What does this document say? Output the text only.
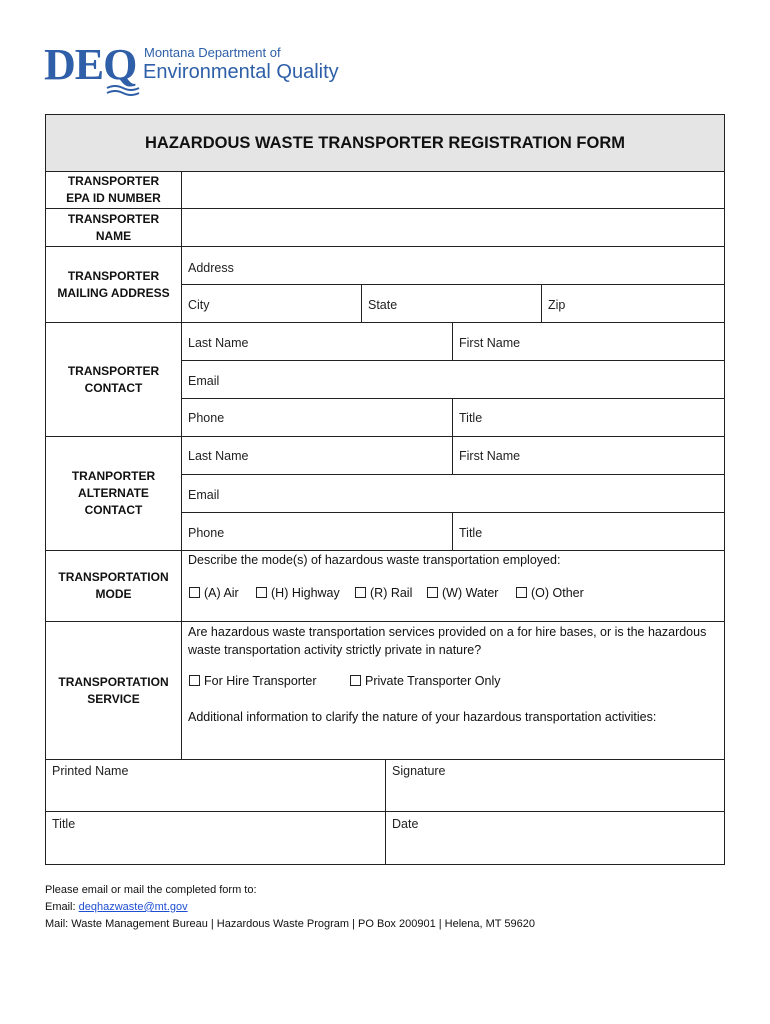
DEQ Montana Department of
Environmental Quality
HAZARDOUS WASTE TRANSPORTER REGISTRATION FORM
TRANSPORTER
EPA ID NUMBER
TRANSPORTER
NAME
TRANSPORTER
MAILING ADDRESS
Address
City	State	Zip
TRANSPORTER
CONTACT
Last Name	First Name
Email
Phone	Title
TRANPORTER
ALTERNATE
CONTACT
Last Name	First Name
Email
Phone	Title
TRANSPORTATION
MODE
Describe the mode(s) of hazardous waste transportation employed:
(A) Air	(H) Highway	(R) Rail	(W) Water	(O) Other
TRANSPORTATION
SERVICE
Are hazardous waste transportation services provided on a for hire bases, or is the hazardous waste transportation activity strictly private in nature?
For Hire Transporter	Private Transporter Only
Additional information to clarify the nature of your hazardous transportation activities:
Printed Name	Signature
Title	Date
Please email or mail the completed form to:
Email: deqhazwaste@mt.gov
Mail: Waste Management Bureau | Hazardous Waste Program | PO Box 200901 | Helena, MT 59620
